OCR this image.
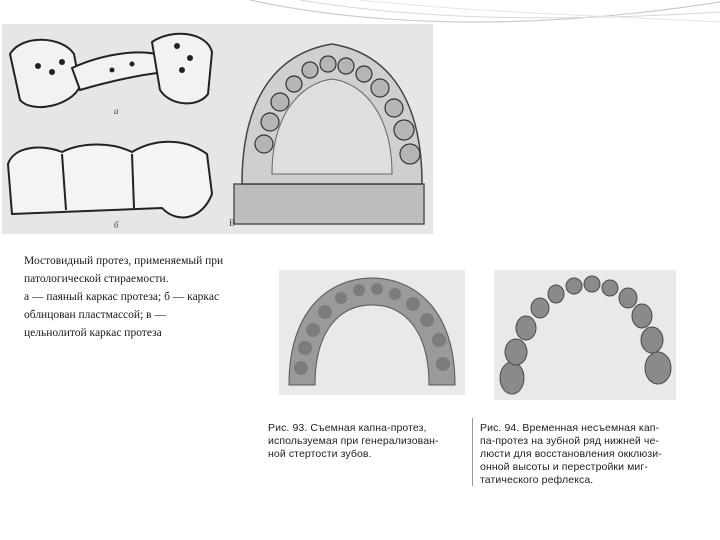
а
б	В
Мостовидный протез, применяемый при
патологической стираемости.
а — паяный каркас протеза; б — каркас
облицован пластмассой; в —
цельнолитой каркас протеза
Рис. 93. Съемная капна-протез,
используемая при генерализован-
ной стертости зубов.
Рис. 94. Временная несъемная кап-
па-протез на зубной ряд нижней че-
люсти для восстановления окклюзи-
онной высоты и перестройки миг-
татического рефлекса.
